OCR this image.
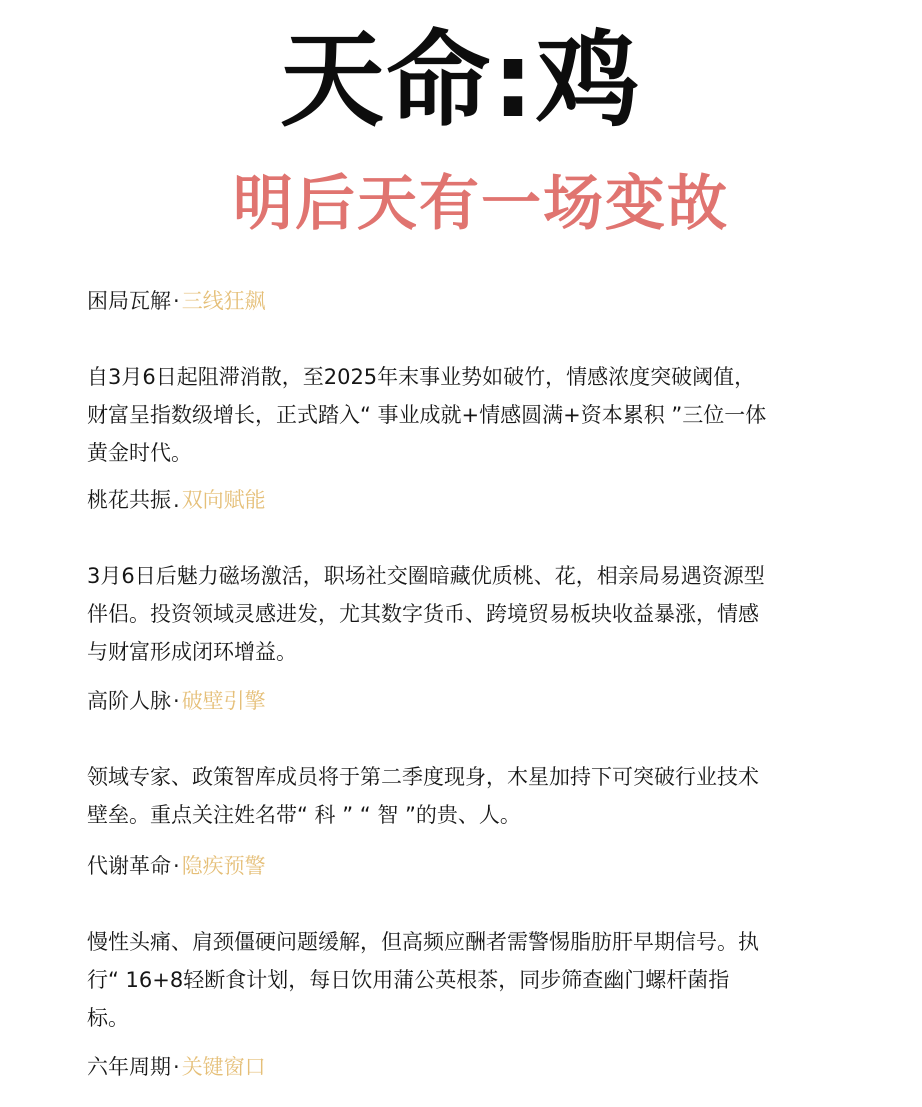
天命:鸡
明后天有一场变故
困局瓦解·三线狂飙
自3月6日起阻滞消散，至2025年末事业势如破竹，情感浓度突破阈值，财富呈指数级增长，正式踏入“ 事业成就+情感圆满+资本累积 ”三位一体黄金时代。
桃花共振.双向赋能
3月6日后魅力磁场激活，职场社交圈暗藏优质桃、花，相亲局易遇资源型伴侣。投资领域灵感进发，尤其数字货币、跨境贸易板块收益暴涨，情感与财富形成闭环增益。
高阶人脉·破壁引擎
领域专家、政策智库成员将于第二季度现身，木星加持下可突破行业技术壁垒。重点关注姓名带“ 科 ” “ 智 ”的贵、人。
代谢革命·隐疾预警
慢性头痛、肩颈僵硬问题缓解，但高频应酬者需警惕脂肪肝早期信号。执行“ 16+8轻断食计划，每日饮用蒲公英根茶，同步筛查幽门螺杆菌指标。
六年周期·关键窗口
